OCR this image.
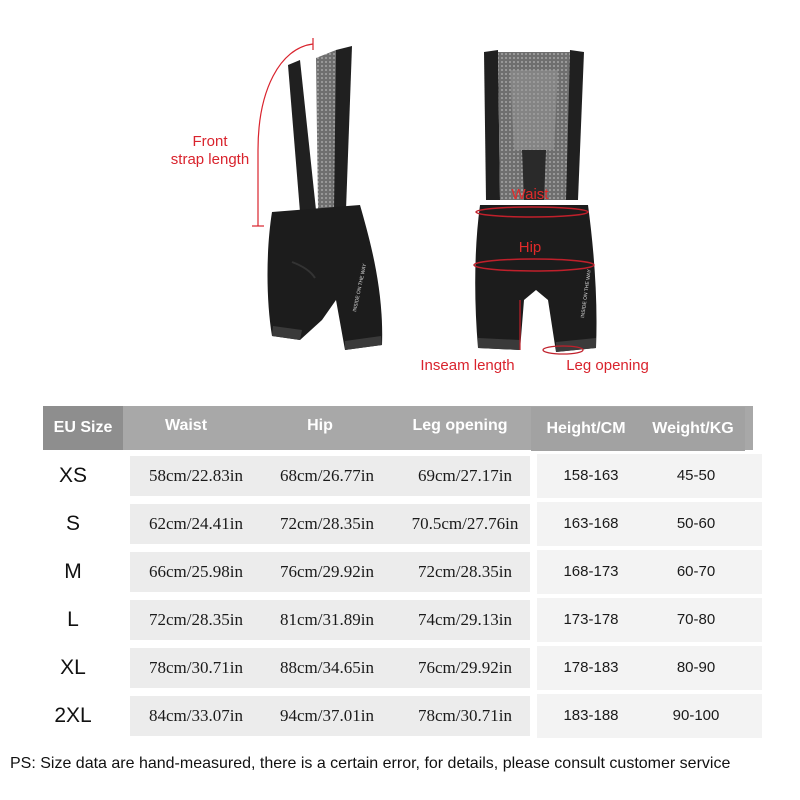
INSIDE ON THE WAY	INSIDE ON THE WAY
Front
strap length
Waist
Hip
Inseam length	Leg opening
EU Size	Waist	Hip	Leg opening	Height/CM	Weight/KG
XS	58cm/22.83in	68cm/26.77in	69cm/27.17in	158-163	45-50
S	62cm/24.41in	72cm/28.35in	70.5cm/27.76in	163-168	50-60
M	66cm/25.98in	76cm/29.92in	72cm/28.35in	168-173	60-70
L	72cm/28.35in	81cm/31.89in	74cm/29.13in	173-178	70-80
XL	78cm/30.71in	88cm/34.65in	76cm/29.92in	178-183	80-90
2XL	84cm/33.07in	94cm/37.01in	78cm/30.71in	183-188	90-100
PS: Size data are hand-measured, there is a certain error, for details, please consult customer service
